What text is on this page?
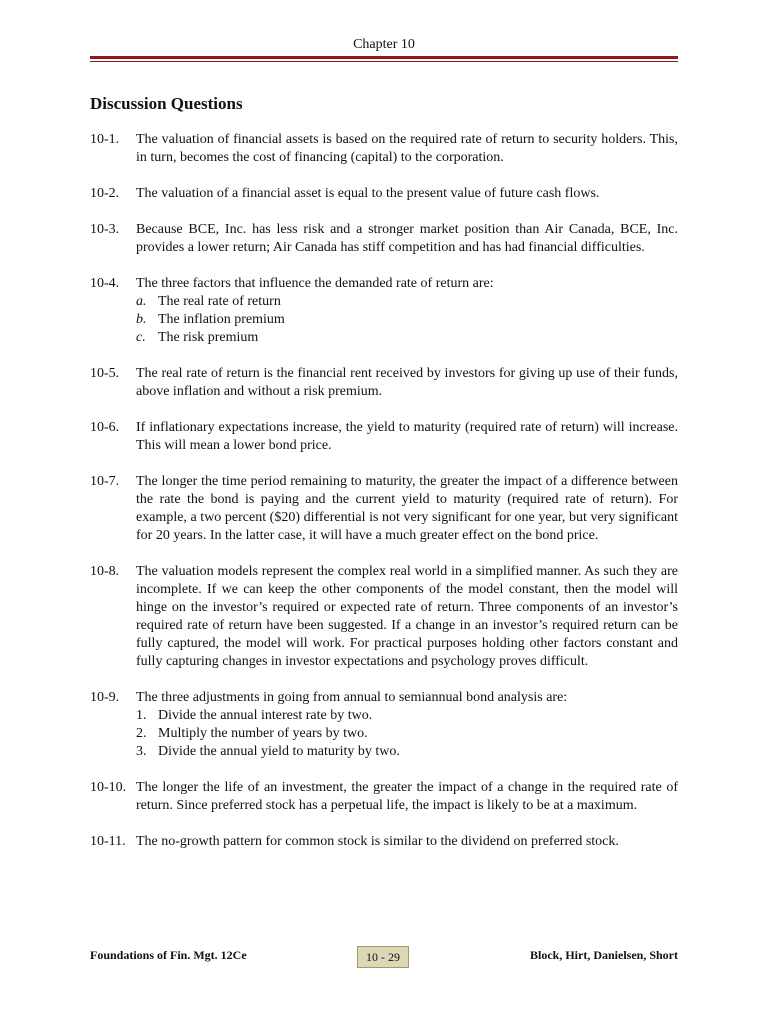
Chapter 10
Discussion Questions
10-1. The valuation of financial assets is based on the required rate of return to security holders. This, in turn, becomes the cost of financing (capital) to the corporation.
10-2. The valuation of a financial asset is equal to the present value of future cash flows.
10-3. Because BCE, Inc. has less risk and a stronger market position than Air Canada, BCE, Inc. provides a lower return; Air Canada has stiff competition and has had financial difficulties.
10-4. The three factors that influence the demanded rate of return are:
a. The real rate of return
b. The inflation premium
c. The risk premium
10-5. The real rate of return is the financial rent received by investors for giving up use of their funds, above inflation and without a risk premium.
10-6. If inflationary expectations increase, the yield to maturity (required rate of return) will increase. This will mean a lower bond price.
10-7. The longer the time period remaining to maturity, the greater the impact of a difference between the rate the bond is paying and the current yield to maturity (required rate of return). For example, a two percent ($20) differential is not very significant for one year, but very significant for 20 years. In the latter case, it will have a much greater effect on the bond price.
10-8. The valuation models represent the complex real world in a simplified manner. As such they are incomplete. If we can keep the other components of the model constant, then the model will hinge on the investor’s required or expected rate of return. Three components of an investor’s required rate of return have been suggested. If a change in an investor’s required return can be fully captured, the model will work. For practical purposes holding other factors constant and fully capturing changes in investor expectations and psychology proves difficult.
10-9. The three adjustments in going from annual to semiannual bond analysis are:
1. Divide the annual interest rate by two.
2. Multiply the number of years by two.
3. Divide the annual yield to maturity by two.
10-10. The longer the life of an investment, the greater the impact of a change in the required rate of return. Since preferred stock has a perpetual life, the impact is likely to be at a maximum.
10-11. The no-growth pattern for common stock is similar to the dividend on preferred stock.
Foundations of Fin. Mgt. 12Ce	10 - 29	Block, Hirt, Danielsen, Short
